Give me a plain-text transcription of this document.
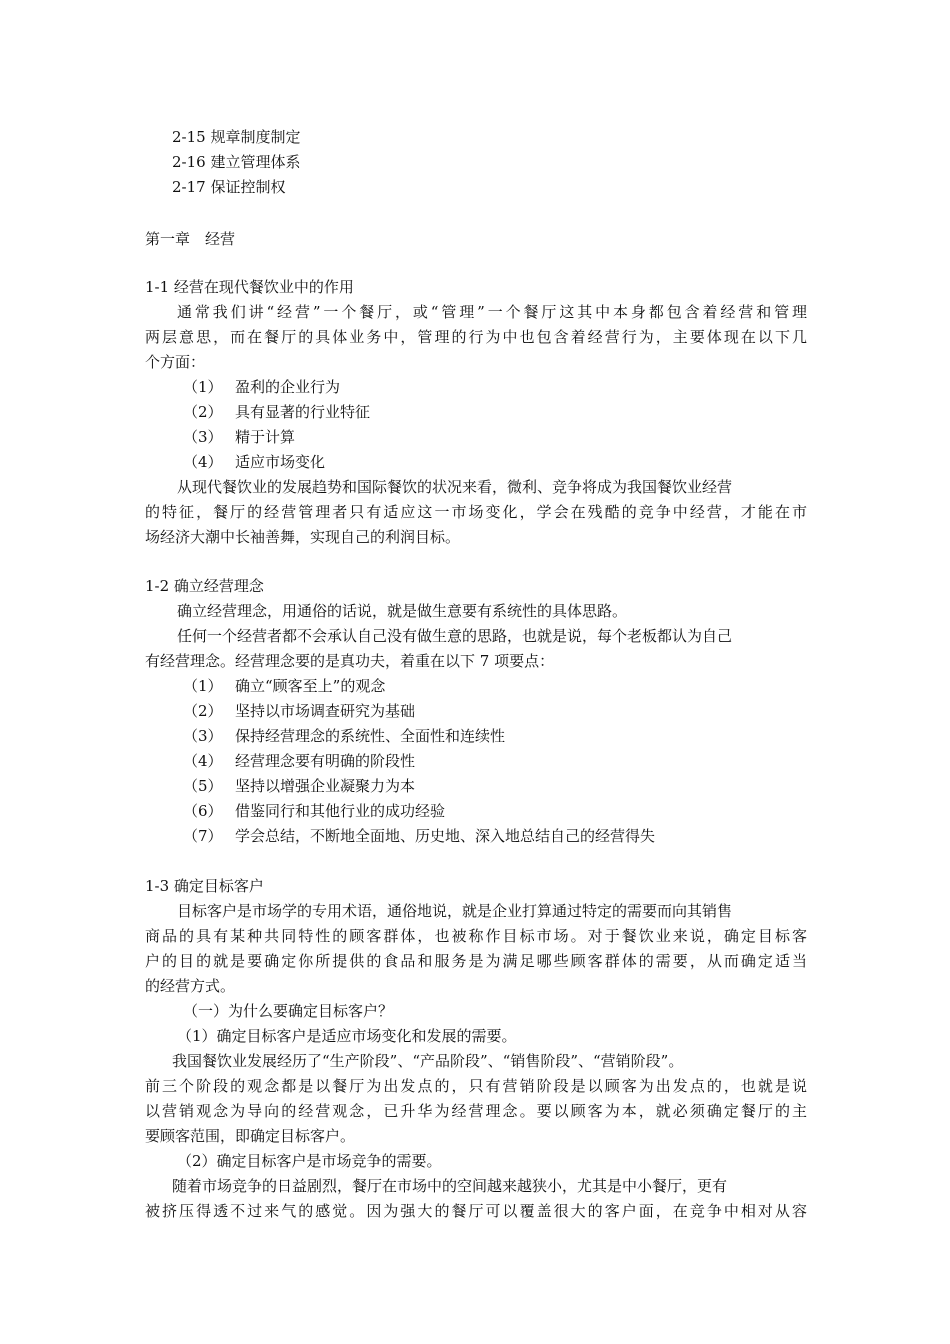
2-15 规章制度制定
2-16 建立管理体系
2-17 保证控制权
第一章　经营
1-1 经营在现代餐饮业中的作用
通常我们讲“经营”一个餐厅，或“管理”一个餐厅这其中本身都包含着经营和管理
两层意思，而在餐厅的具体业务中，管理的行为中也包含着经营行为，主要体现在以下几
个方面：
（1） 盈利的企业行为
（2） 具有显著的行业特征
（3） 精于计算
（4） 适应市场变化
从现代餐饮业的发展趋势和国际餐饮的状况来看，微利、竞争将成为我国餐饮业经营
的特征，餐厅的经营管理者只有适应这一市场变化，学会在残酷的竞争中经营，才能在市
场经济大潮中长袖善舞，实现自己的利润目标。
1-2 确立经营理念
确立经营理念，用通俗的话说，就是做生意要有系统性的具体思路。
任何一个经营者都不会承认自己没有做生意的思路，也就是说，每个老板都认为自己
有经营理念。经营理念要的是真功夫，着重在以下 7 项要点：
（1） 确立“顾客至上”的观念
（2） 坚持以市场调查研究为基础
（3） 保持经营理念的系统性、全面性和连续性
（4） 经营理念要有明确的阶段性
（5） 坚持以增强企业凝聚力为本
（6） 借鉴同行和其他行业的成功经验
（7） 学会总结，不断地全面地、历史地、深入地总结自己的经营得失
1-3 确定目标客户
目标客户是市场学的专用术语，通俗地说，就是企业打算通过特定的需要而向其销售
商品的具有某种共同特性的顾客群体，也被称作目标市场。对于餐饮业来说，确定目标客
户的目的就是要确定你所提供的食品和服务是为满足哪些顾客群体的需要，从而确定适当
的经营方式。
（一）为什么要确定目标客户？
（1）确定目标客户是适应市场变化和发展的需要。
我国餐饮业发展经历了“生产阶段”、“产品阶段”、“销售阶段”、“营销阶段”。
前三个阶段的观念都是以餐厅为出发点的，只有营销阶段是以顾客为出发点的，也就是说
以营销观念为导向的经营观念，已升华为经营理念。要以顾客为本，就必须确定餐厅的主
要顾客范围，即确定目标客户。
（2）确定目标客户是市场竞争的需要。
随着市场竞争的日益剧烈，餐厅在市场中的空间越来越狭小，尤其是中小餐厅，更有
被挤压得透不过来气的感觉。因为强大的餐厅可以覆盖很大的客户面，在竞争中相对从容
